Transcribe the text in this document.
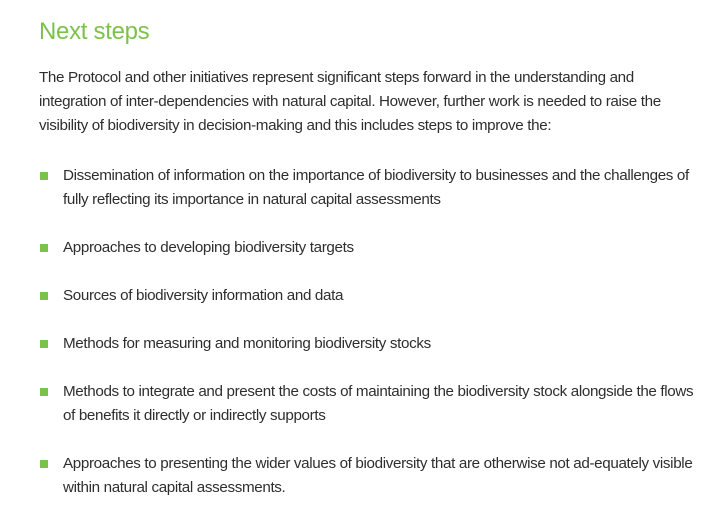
Next steps

The Protocol and other initiatives represent significant steps forward in the understanding and integration of inter-dependencies with natural capital. However, further work is needed to raise the visibility of biodiversity in decision-making and this includes steps to improve the:

Dissemination of information on the importance of biodiversity to businesses and the challenges of fully reflecting its importance in natural capital assessments
Approaches to developing biodiversity targets
Sources of biodiversity information and data
Methods for measuring and monitoring biodiversity stocks
Methods to integrate and present the costs of maintaining the biodiversity stock alongside the flows of benefits it directly or indirectly supports
Approaches to presenting the wider values of biodiversity that are otherwise not ad-equately visible within natural capital assessments.
